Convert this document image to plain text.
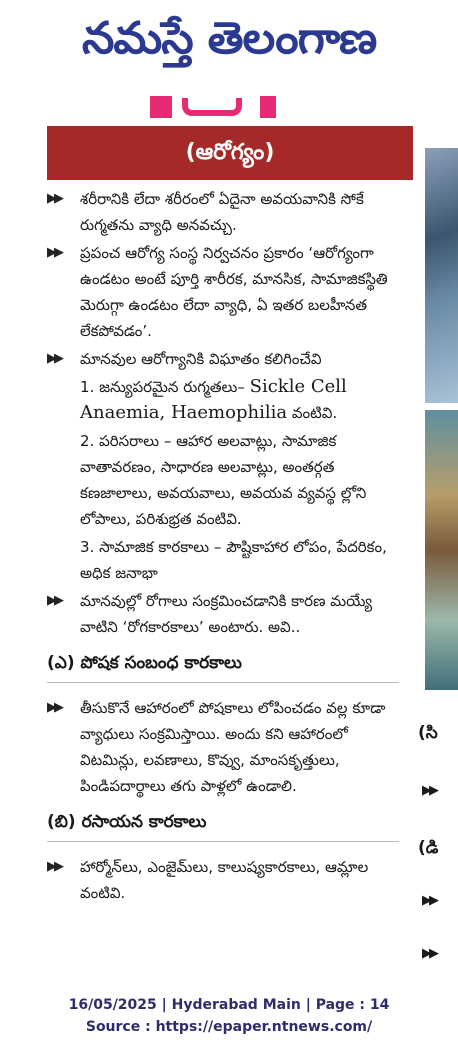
నమస్తే తెలంగాణ
(ఆరోగ్యం)
▶▶ శరీరానికి లేదా శరీరంలో ఏదైనా అవయవానికి సోకే రుగ్మతను వ్యాధి అనవచ్చు.
▶▶ ప్రపంచ ఆరోగ్య సంస్థ నిర్వచనం ప్రకారం ‘ఆరోగ్యంగా ఉండటం అంటే పూర్తి శారీరక, మానసిక, సామాజికస్థితి మెరుగ్గా ఉండటం లేదా వ్యాధి, ఏ ఇతర బలహీనత లేకపోవడం’.
▶▶ మానవుల ఆరోగ్యానికి విఘాతం కలిగించేవి
1. జన్యుపరమైన రుగ్మతలు– Sickle Cell Anaemia, Haemophilia వంటివి.
2. పరిసరాలు – ఆహార అలవాట్లు, సామాజిక వాతావరణం, సాధారణ అలవాట్లు, అంతర్గత కణజాలాలు, అవయవాలు, అవయవ వ్యవస్థ ల్లోని లోపాలు, పరిశుభ్రత వంటివి.
3. సామాజిక కారకాలు – పౌష్టికాహార లోపం, పేదరికం, అధిక జనాభా
▶▶ మానవుల్లో రోగాలు సంక్రమించడానికి కారణ మయ్యే వాటిని ‘రోగకారకాలు’ అంటారు. అవి..
(ఎ) పోషక సంబంధ కారకాలు
▶▶ తీసుకొనే ఆహారంలో పోషకాలు లోపించడం వల్ల కూడా వ్యాధులు సంక్రమిస్తాయి. అందు కని ఆహారంలో విటమిన్లు, లవణాలు, కొవ్వు, మాంసకృత్తులు, పిండిపదార్థాలు తగు పాళ్లలో ఉండాలి.
(బి) రసాయన కారకాలు
▶▶ హార్మోన్‌లు, ఎంజైమ్‌లు, కాలుష్యకారకాలు, ఆమ్లాల వంటివి.
(సి
▶▶
(డి
▶▶
▶▶
16/05/2025 | Hyderabad Main | Page : 14
Source : https://epaper.ntnews.com/
